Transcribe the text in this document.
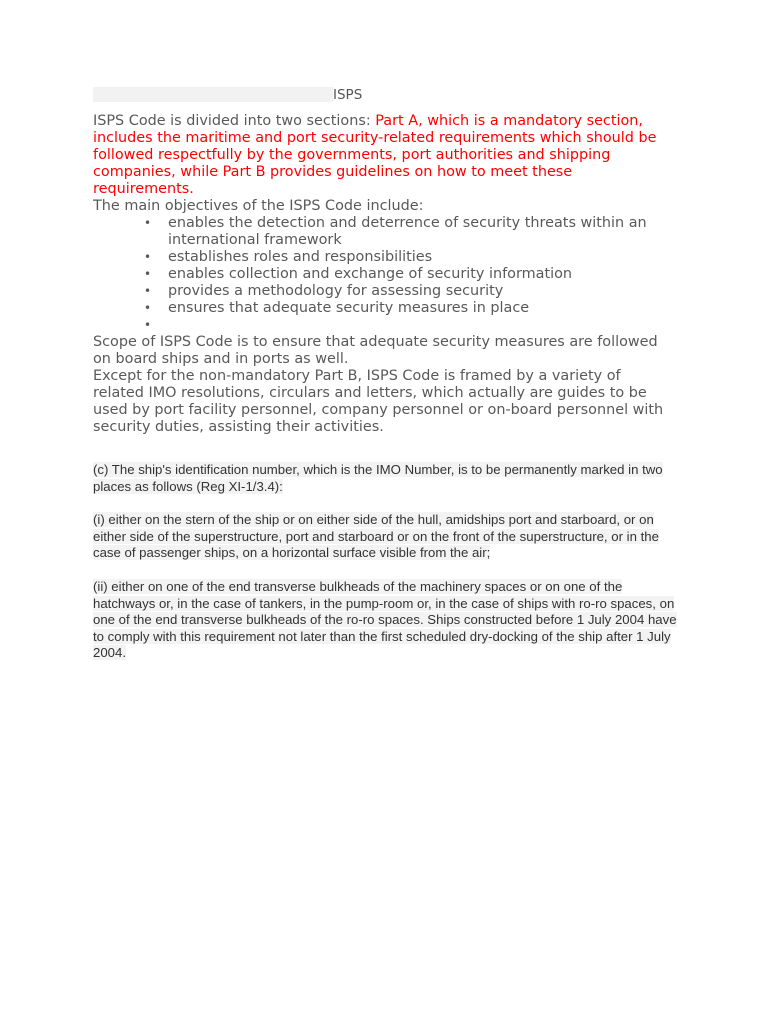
ISPS
ISPS Code is divided into two sections: Part A, which is a mandatory section, includes the maritime and port security-related requirements which should be followed respectfully by the governments, port authorities and shipping companies, while Part B provides guidelines on how to meet these requirements.
The main objectives of the ISPS Code include:
• enables the detection and deterrence of security threats within an international framework
• establishes roles and responsibilities
• enables collection and exchange of security information
• provides a methodology for assessing security
• ensures that adequate security measures in place
•
Scope of ISPS Code is to ensure that adequate security measures are followed on board ships and in ports as well.
Except for the non-mandatory Part B, ISPS Code is framed by a variety of related IMO resolutions, circulars and letters, which actually are guides to be used by port facility personnel, company personnel or on-board personnel with security duties, assisting their activities.
(c) The ship's identification number, which is the IMO Number, is to be permanently marked in two places as follows (Reg XI-1/3.4):
(i) either on the stern of the ship or on either side of the hull, amidships port and starboard, or on either side of the superstructure, port and starboard or on the front of the superstructure, or in the case of passenger ships, on a horizontal surface visible from the air;
(ii) either on one of the end transverse bulkheads of the machinery spaces or on one of the hatchways or, in the case of tankers, in the pump-room or, in the case of ships with ro-ro spaces, on one of the end transverse bulkheads of the ro-ro spaces. Ships constructed before 1 July 2004 have to comply with this requirement not later than the first scheduled dry-docking of the ship after 1 July 2004.
